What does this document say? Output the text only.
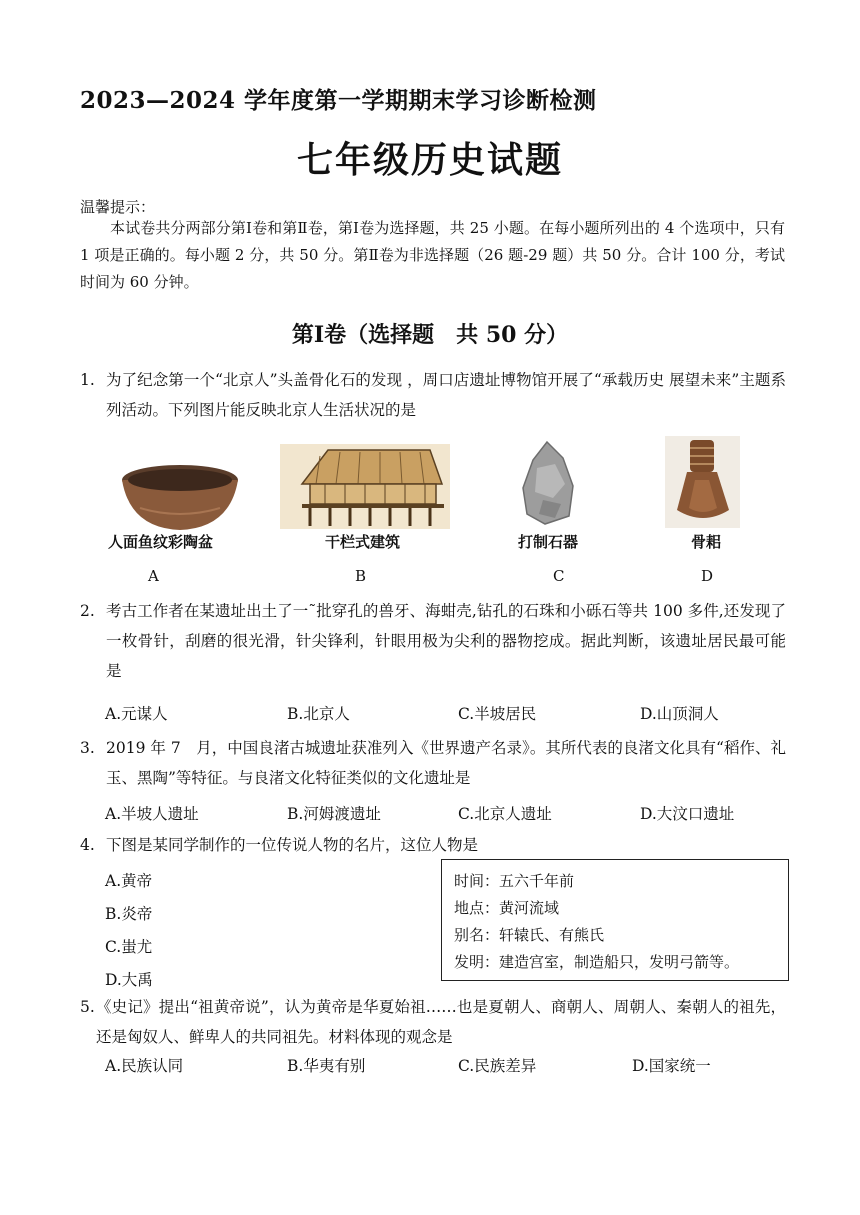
2023—2024 学年度第一学期期末学习诊断检测
七年级历史试题
温馨提示：
本试卷共分两部分第Ⅰ卷和第Ⅱ卷，第Ⅰ卷为选择题，共 25 小题。在每小题所列出的 4 个选项中，只有 1 项是正确的。每小题 2 分，共 50 分。第Ⅱ卷为非选择题（26 题-29 题）共 50 分。合计 100 分，考试时间为 60 分钟。
第Ⅰ卷（选择题　共 50 分）
1. 为了纪念第一个“北京人”头盖骨化石的发现 ，周口店遗址博物馆开展了“承载历史 展望未来”主题系列活动。下列图片能反映北京人生活状况的是
人面鱼纹彩陶盆
A
干栏式建筑
B
打制石器
C
骨耜
D
2. 考古工作者在某遗址出土了一˜批穿孔的兽牙、海蚶壳,钻孔的石珠和小砾石等共 100 多件,还发现了一枚骨针，刮磨的很光滑，针尖锋利，针眼用极为尖利的器物挖成。据此判断，该遗址居民最可能是
A.元谋人	B.北京人	C.半坡居民	D.山顶洞人
3. 2019 年 7　月，中国良渚古城遗址获准列入《世界遗产名录》。其所代表的良渚文化具有“稻作、礼玉、黑陶”等特征。与良渚文化特征类似的文化遗址是
A.半坡人遗址	B.河姆渡遗址	C.北京人遗址	D.大汶口遗址
4. 下图是某同学制作的一位传说人物的名片，这位人物是
A.黄帝
B.炎帝
C.蚩尤
D.大禹
时间：五六千年前
地点：黄河流域
别名：轩辕氏、有熊氏
发明：建造宫室，制造船只，发明弓箭等。
5. 《史记》提出“祖黄帝说”，认为黄帝是华夏始祖……也是夏朝人、商朝人、周朝人、秦朝人的祖先，还是匈奴人、鲜卑人的共同祖先。材料体现的观念是
A.民族认同	B.华夷有别	C.民族差异	D.国家统一
